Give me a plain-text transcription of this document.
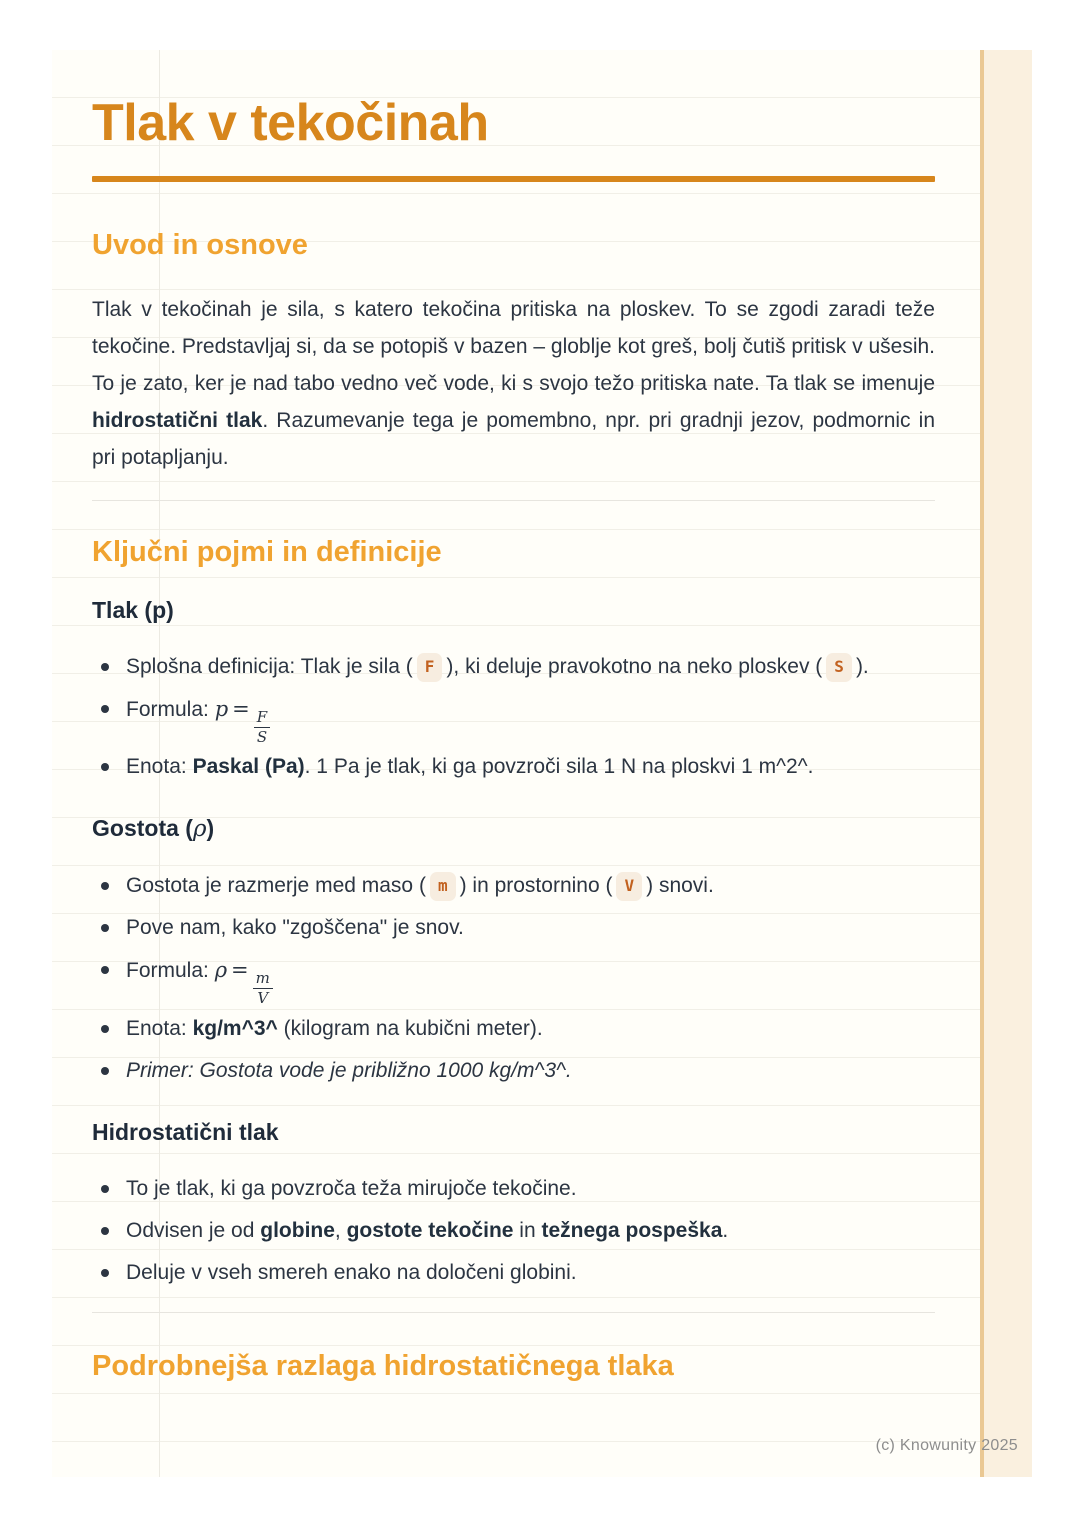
Tlak v tekočinah
Uvod in osnove

Tlak v tekočinah je sila, s katero tekočina pritiska na ploskev. To se zgodi zaradi teže tekočine. Predstavljaj si, da se potopiš v bazen – globlje kot greš, bolj čutiš pritisk v ušesih. To je zato, ker je nad tabo vedno več vode, ki s svojo težo pritiska nate. Ta tlak se imenuje hidrostatični tlak. Razumevanje tega je pomembno, npr. pri gradnji jezov, podmornic in pri potapljanju.

Ključni pojmi in definicije
Tlak (p)
Splošna definicija: Tlak je sila ( F ), ki deluje pravokotno na neko ploskev ( S ).
Formula: $p = \frac{F}{S}$
Enota: Paskal (Pa). 1 Pa je tlak, ki ga povzroči sila 1 N na ploskvi 1 m^2^.
Gostota (ρ)
Gostota je razmerje med maso ( m ) in prostornino ( V ) snovi.
Pove nam, kako "zgoščena" je snov.
Formula: $\rho = \frac{m}{V}$
Enota: kg/m^3^ (kilogram na kubični meter).
Primer: Gostota vode je približno 1000 kg/m^3^.
Hidrostatični tlak
To je tlak, ki ga povzroča teža mirujoče tekočine.
Odvisen je od globine, gostote tekočine in težnega pospeška.
Deluje v vseh smereh enako na določeni globini.
Podrobnejša razlaga hidrostatičnega tlaka
(c) Knowunity 2025
